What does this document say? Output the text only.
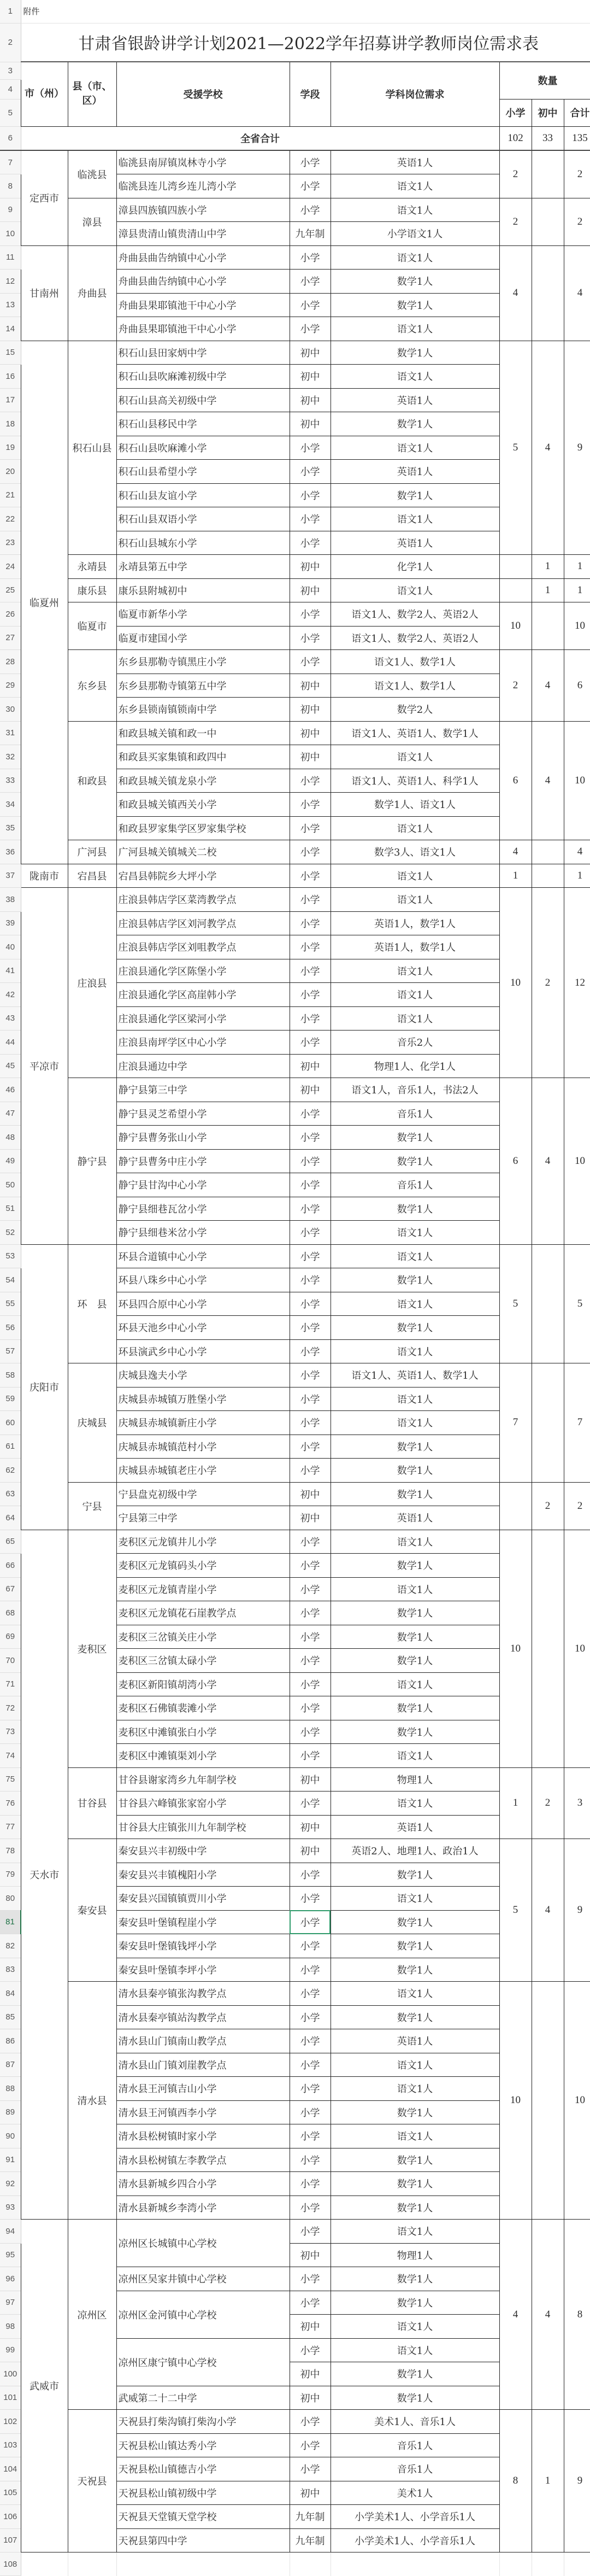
1	附件							
2	甘肃省银龄讲学计划2021—2022学年招募讲学教师岗位需求表							
3	市（州）	县（市、区）	受援学校	学段	学科岗位需求	数量		
4								
5						小学	初中	合计
6	全省合计					102	33	135
7	定西市	临洮县	临洮县南屏镇岚林寺小学	小学	英语1人	2		2
8			临洮县连儿湾乡连儿湾小学	小学	语文1人			
9		漳县	漳县四族镇四族小学	小学	语文1人	2		2
10			漳县贵清山镇贵清山中学	九年制	小学语文1人			
11	甘南州	舟曲县	舟曲县曲告纳镇中心小学	小学	语文1人	4		4
12			舟曲县曲告纳镇中心小学	小学	数学1人			
13			舟曲县果耶镇池干中心小学	小学	数学1人			
14			舟曲县果耶镇池干中心小学	小学	语文1人			
15	临夏州	积石山县	积石山县田家炳中学	初中	数学1人	5	4	9
16			积石山县吹麻滩初级中学	初中	语文1人			
17			积石山县高关初级中学	初中	英语1人			
18			积石山县移民中学	初中	数学1人			
19			积石山县吹麻滩小学	小学	语文1人			
20			积石山县希望小学	小学	英语1人			
21			积石山县友谊小学	小学	数学1人			
22			积石山县双语小学	小学	语文1人			
23			积石山县城东小学	小学	英语1人			
24		永靖县	永靖县第五中学	初中	化学1人		1	1
25		康乐县	康乐县附城初中	初中	语文1人		1	1
26		临夏市	临夏市新华小学	小学	语文1人、数学2人、英语2人	10		10
27			临夏市建国小学	小学	语文1人、数学2人、英语2人			
28		东乡县	东乡县那勒寺镇黑庄小学	小学	语文1人、数学1人	2	4	6
29			东乡县那勒寺镇第五中学	初中	语文1人、数学1人			
30			东乡县锁南镇锁南中学	初中	数学2人			
31		和政县	和政县城关镇和政一中	初中	语文1人、英语1人、数学1人	6	4	10
32			和政县买家集镇和政四中	初中	语文1人			
33			和政县城关镇龙泉小学	小学	语文1人、英语1人、科学1人			
34			和政县城关镇西关小学	小学	数学1人、语文1人			
35			和政县罗家集学区罗家集学校	小学	语文1人			
36		广河县	广河县城关镇城关二校	小学	数学3人、语文1人	4		4
37	陇南市	宕昌县	宕昌县韩院乡大坪小学	小学	语文1人	1		1
38	平凉市	庄浪县	庄浪县韩店学区菜湾教学点	小学	语文1人	10	2	12
39			庄浪县韩店学区刘河教学点	小学	英语1人，数学1人			
40			庄浪县韩店学区刘咀教学点	小学	英语1人，数学1人			
41			庄浪县通化学区陈堡小学	小学	语文1人			
42			庄浪县通化学区高崖韩小学	小学	语文1人			
43			庄浪县通化学区梁河小学	小学	语文1人			
44			庄浪县南坪学区中心小学	小学	音乐2人			
45			庄浪县通边中学	初中	物理1人、化学1人			
46		静宁县	静宁县第三中学	初中	语文1人，音乐1人，书法2人	6	4	10
47			静宁县灵芝希望小学	小学	音乐1人			
48			静宁县曹务张山小学	小学	数学1人			
49			静宁县曹务中庄小学	小学	数学1人			
50			静宁县甘沟中心小学	小学	音乐1人			
51			静宁县细巷瓦岔小学	小学	数学1人			
52			静宁县细巷米岔小学	小学	语文1人			
53	庆阳市	环　县	环县合道镇中心小学	小学	语文1人	5		5
54			环县八珠乡中心小学	小学	数学1人			
55			环县四合原中心小学	小学	语文1人			
56			环县天池乡中心小学	小学	数学1人			
57			环县演武乡中心小学	小学	语文1人			
58		庆城县	庆城县逸夫小学	小学	语文1人、英语1人、数学1人	7		7
59			庆城县赤城镇万胜堡小学	小学	语文1人			
60			庆城县赤城镇新庄小学	小学	语文1人			
61			庆城县赤城镇范村小学	小学	数学1人			
62			庆城县赤城镇老庄小学	小学	数学1人			
63		宁县	宁县盘克初级中学	初中	数学1人		2	2
64			宁县第三中学	初中	英语1人			
65	天水市	麦积区	麦积区元龙镇井儿小学	小学	语文1人	10		10
66			麦积区元龙镇码头小学	小学	数学1人			
67			麦积区元龙镇青崖小学	小学	语文1人			
68			麦积区元龙镇花石崖教学点	小学	数学1人			
69			麦积区三岔镇关庄小学	小学	数学1人			
70			麦积区三岔镇太碌小学	小学	数学1人			
71			麦积区新阳镇胡湾小学	小学	语文1人			
72			麦积区石佛镇裴滩小学	小学	数学1人			
73			麦积区中滩镇张白小学	小学	数学1人			
74			麦积区中滩镇渠刘小学	小学	语文1人			
75		甘谷县	甘谷县谢家湾乡九年制学校	初中	物理1人	1	2	3
76			甘谷县六峰镇张家窑小学	小学	语文1人			
77			甘谷县大庄镇张川九年制学校	初中	英语1人			
78		秦安县	秦安县兴丰初级中学	初中	英语2人、地理1人、政治1人	5	4	9
79			秦安县兴丰镇槐阳小学	小学	数学1人			
80			秦安县兴国镇镇贾川小学	小学	语文1人			
81			秦安县叶堡镇程崖小学	小学	数学1人			
82			秦安县叶堡镇钱坪小学	小学	数学1人			
83			秦安县叶堡镇李坪小学	小学	数学1人			
84		清水县	清水县秦亭镇张沟教学点	小学	语文1人	10		10
85			清水县秦亭镇站沟教学点	小学	数学1人			
86			清水县山门镇南山教学点	小学	英语1人			
87			清水县山门镇刘崖教学点	小学	语文1人			
88			清水县王河镇吉山小学	小学	语文1人			
89			清水县王河镇西李小学	小学	数学1人			
90			清水县松树镇时家小学	小学	语文1人			
91			清水县松树镇左李教学点	小学	数学1人			
92			清水县新城乡四合小学	小学	数学1人			
93			清水县新城乡李湾小学	小学	数学1人			
94	武威市	凉州区	凉州区长城镇中心学校	小学	语文1人	4	4	8
95				初中	物理1人			
96			凉州区吴家井镇中心学校	小学	数学1人			
97			凉州区金河镇中心学校	小学	数学1人			
98				初中	语文1人			
99			凉州区康宁镇中心学校	小学	语文1人			
100				初中	数学1人			
101			武威第二十二中学	初中	数学1人			
102		天祝县	天祝县打柴沟镇打柴沟小学	小学	美术1人、音乐1人	8	1	9
103			天祝县松山镇达秀小学	小学	音乐1人			
104			天祝县松山镇德吉小学	小学	音乐1人			
105			天祝县松山镇初级中学	初中	美术1人			
106			天祝县天堂镇天堂学校	九年制	小学美术1人、小学音乐1人			
107			天祝县第四中学	九年制	小学美术1人、小学音乐1人			
108								
